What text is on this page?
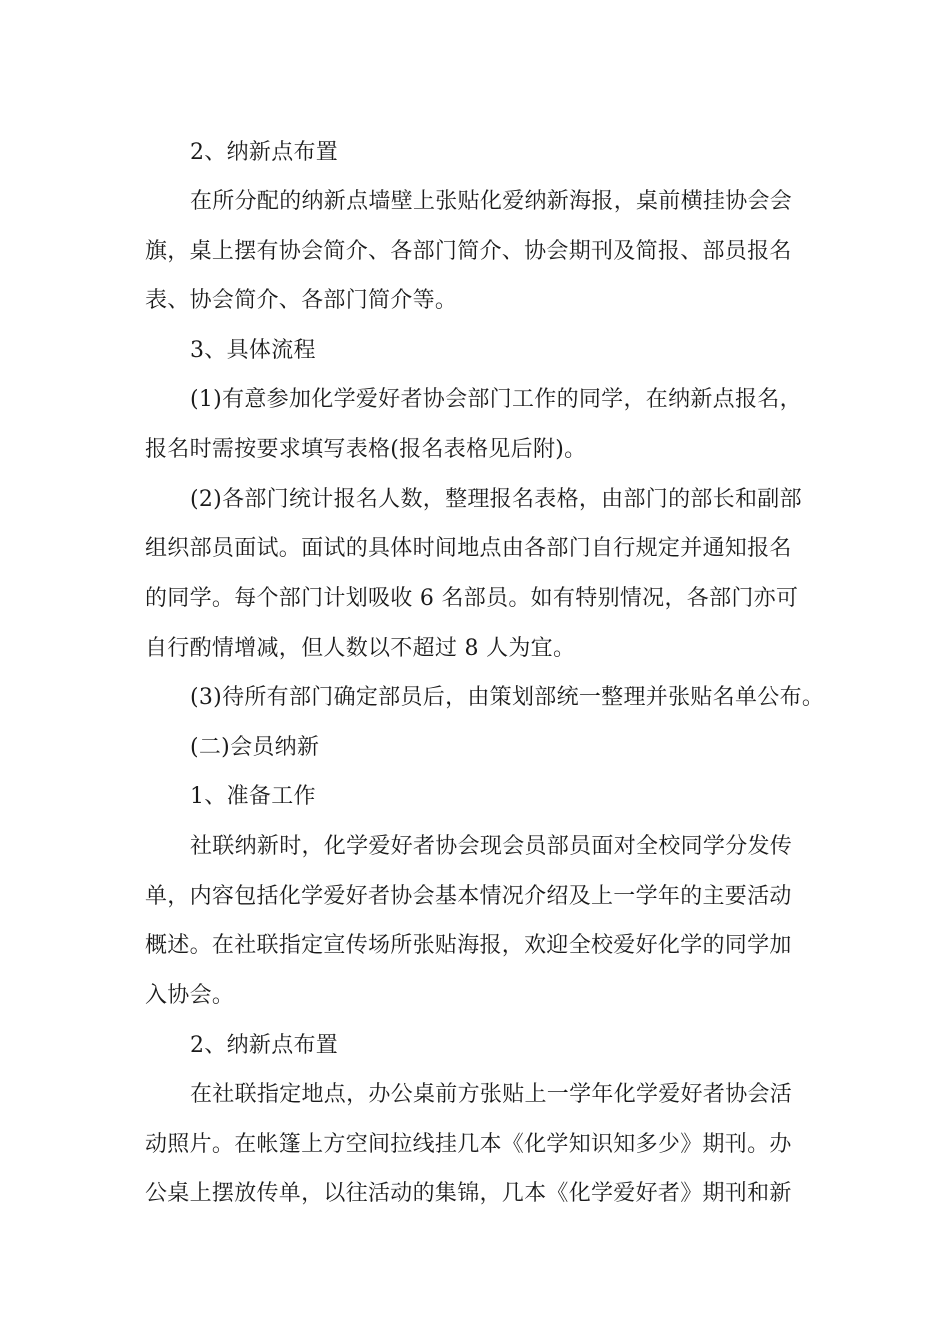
2、纳新点布置
在所分配的纳新点墙壁上张贴化爱纳新海报，桌前横挂协会会
旗，桌上摆有协会简介、各部门简介、协会期刊及简报、部员报名
表、协会简介、各部门简介等。
3、具体流程
(1)有意参加化学爱好者协会部门工作的同学，在纳新点报名，
报名时需按要求填写表格(报名表格见后附)。
(2)各部门统计报名人数，整理报名表格，由部门的部长和副部
组织部员面试。面试的具体时间地点由各部门自行规定并通知报名
的同学。每个部门计划吸收 6 名部员。如有特别情况，各部门亦可
自行酌情增减，但人数以不超过 8 人为宜。
(3)待所有部门确定部员后，由策划部统一整理并张贴名单公布。
(二)会员纳新
1、准备工作
社联纳新时，化学爱好者协会现会员部员面对全校同学分发传
单，内容包括化学爱好者协会基本情况介绍及上一学年的主要活动
概述。在社联指定宣传场所张贴海报，欢迎全校爱好化学的同学加
入协会。
2、纳新点布置
在社联指定地点，办公桌前方张贴上一学年化学爱好者协会活
动照片。在帐篷上方空间拉线挂几本《化学知识知多少》期刊。办
公桌上摆放传单，以往活动的集锦，几本《化学爱好者》期刊和新
